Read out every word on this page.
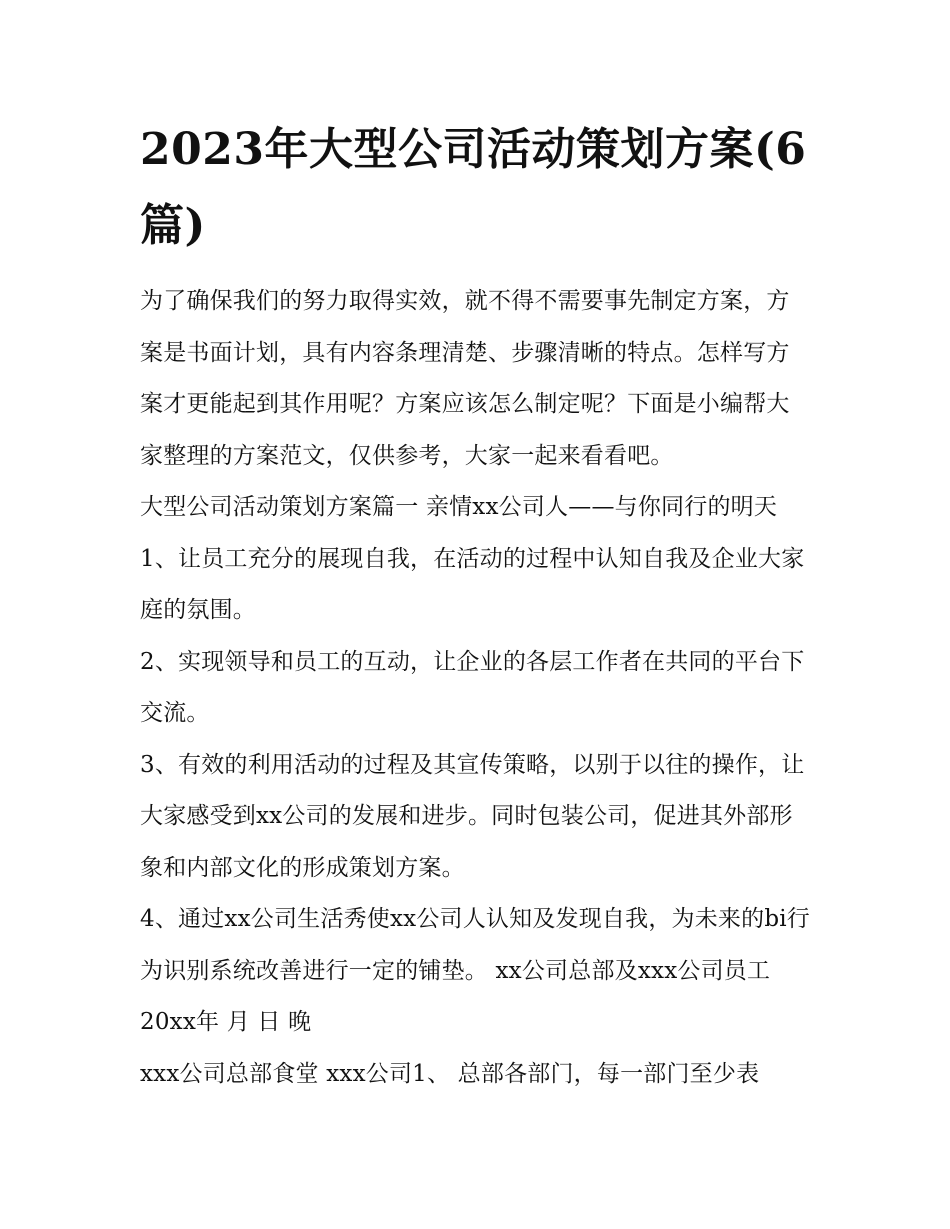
2023年大型公司活动策划方案(6篇)

为了确保我们的努力取得实效，就不得不需要事先制定方案，方案是书面计划，具有内容条理清楚、步骤清晰的特点。怎样写方案才更能起到其作用呢？方案应该怎么制定呢？下面是小编帮大家整理的方案范文，仅供参考，大家一起来看看吧。

大型公司活动策划方案篇一 亲情xx公司人——与你同行的明天 1、让员工充分的展现自我，在活动的过程中认知自我及企业大家庭的氛围。

2、实现领导和员工的互动，让企业的各层工作者在共同的平台下交流。

3、有效的利用活动的过程及其宣传策略，以别于以往的操作，让大家感受到xx公司的发展和进步。同时包装公司，促进其外部形象和内部文化的形成策划方案。

4、通过xx公司生活秀使xx公司人认知及发现自我，为未来的bi行为识别系统改善进行一定的铺垫。 xx公司总部及xxx公司员工 20xx年 月 日 晚

xxx公司总部食堂 xxx公司1、 总部各部门，每一部门至少表
